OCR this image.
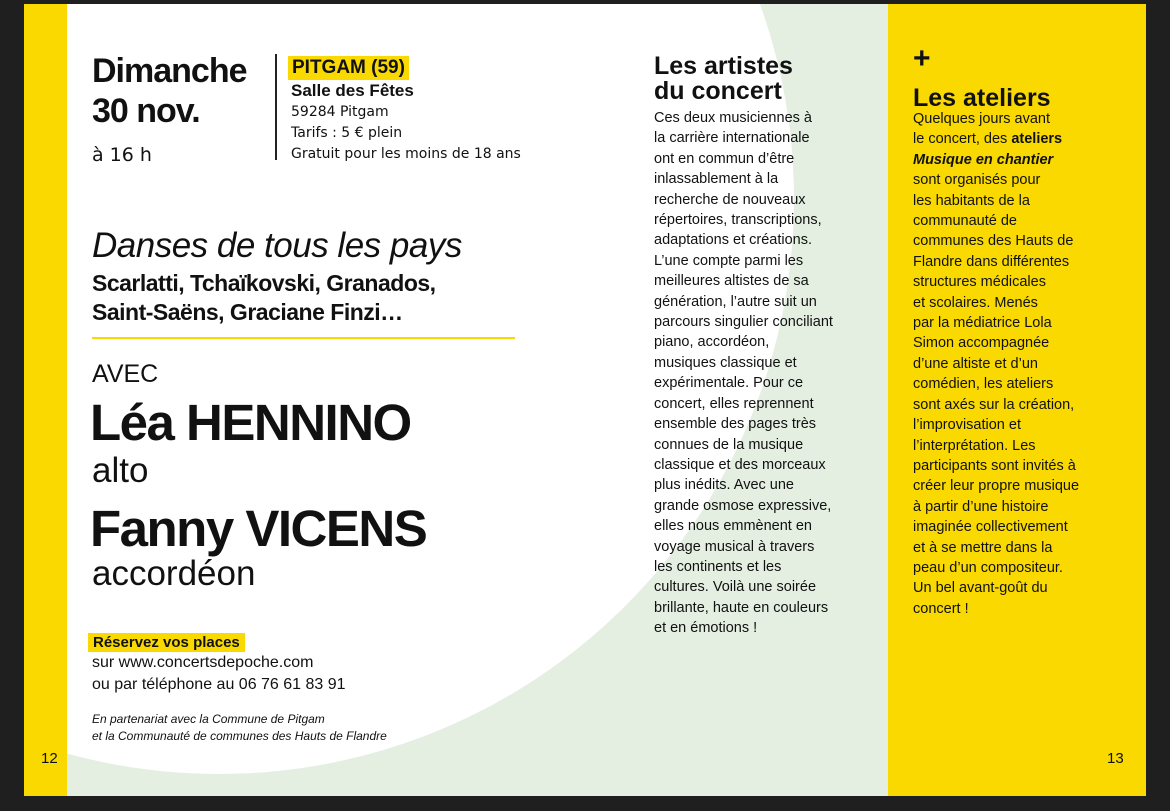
Dimanche
30 nov.
à 16 h
PITGAM (59)
Salle des Fêtes
59284 Pitgam
Tarifs : 5 € plein
Gratuit pour les moins de 18 ans
Danses de tous les pays
Scarlatti, Tchaïkovski, Granados,
Saint-Saëns, Graciane Finzi…
AVEC
Léa HENNINO
alto
Fanny VICENS
accordéon
Réservez vos places
sur www.concertsdepoche.com
ou par téléphone au 06 76 61 83 91
En partenariat avec la Commune de Pitgam
et la Communauté de communes des Hauts de Flandre
12
Les artistes
du concert

Ces deux musiciennes à

la carrière internationale

ont en commun d’être

inlassablement à la

recherche de nouveaux

répertoires, transcriptions,

adaptations et créations.

L’une compte parmi les

meilleures altistes de sa

génération, l’autre suit un

parcours singulier conciliant

piano, accordéon,

musiques classique et

expérimentale. Pour ce

concert, elles reprennent

ensemble des pages très

connues de la musique

classique et des morceaux

plus inédits. Avec une

grande osmose expressive,

elles nous emmènent en

voyage musical à travers

les continents et les

cultures. Voilà une soirée

brillante, haute en couleurs

et en émotions !

+
Les ateliers

Quelques jours avant

le concert, des ateliers

Musique en chantier

sont organisés pour

les habitants de la

communauté de

communes des Hauts de

Flandre dans différentes

structures médicales

et scolaires. Menés

par la médiatrice Lola

Simon accompagnée

d’une altiste et d’un

comédien, les ateliers

sont axés sur la création,

l’improvisation et

l’interprétation. Les

participants sont invités à

créer leur propre musique

à partir d’une histoire

imaginée collectivement

et à se mettre dans la

peau d’un compositeur.

Un bel avant-goût du

concert !

13
